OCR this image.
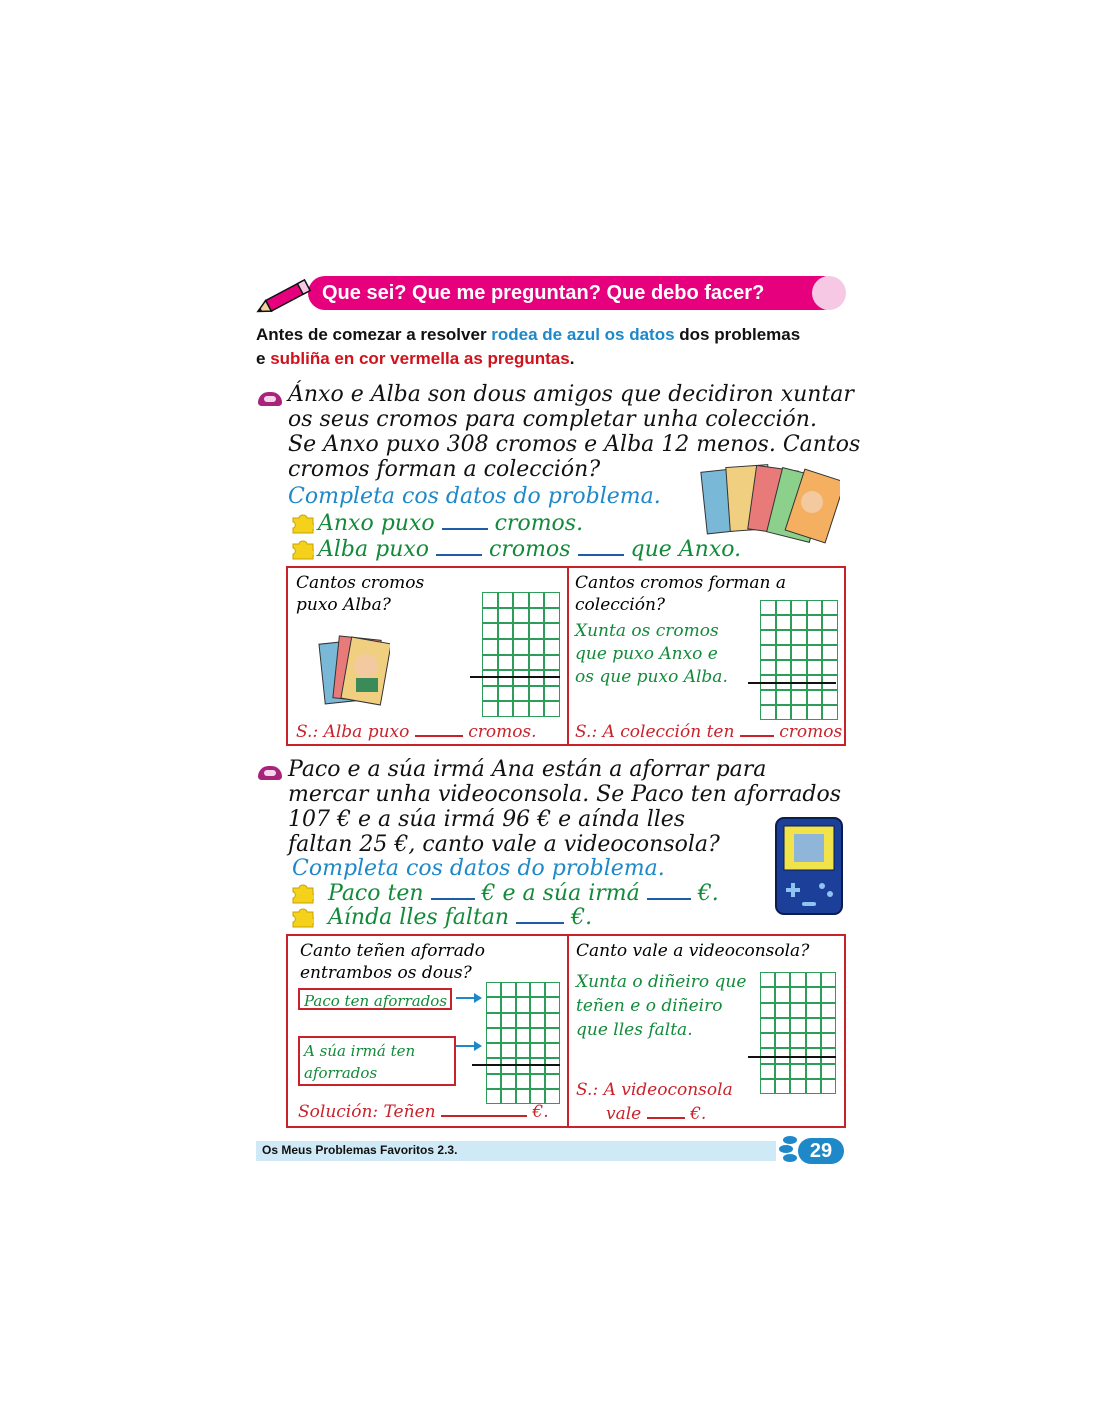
Que sei? Que me preguntan? Que debo facer?
Antes de comezar a resolver rodea de azul os datos dos problemas
e subliña en cor vermella as preguntas.
Ánxo e Alba son dous amigos que decidiron xuntar
os seus cromos para completar unha colección.
Se Anxo puxo 308 cromos e Alba 12 menos. Cantos
cromos forman a colección?
Completa cos datos do problema.
Anxo puxo	cromos.
Alba puxo	cromos	que Anxo.
Cantos cromos
puxo Alba?
S.: Alba puxo	cromos.
Cantos cromos forman a
colección?
Xunta os cromos
que puxo Anxo e
os que puxo Alba.
S.: A colección ten	cromos.
Paco e a súa irmá Ana están a aforrar para
mercar unha videoconsola. Se Paco ten aforrados
107 € e a súa irmá 96 € e aínda lles
faltan 25 €, canto vale a videoconsola?
Completa cos datos do problema.
Paco ten	€ e a súa irmá	€.
Aínda lles faltan	€.
Canto teñen aforrado
entrambos os dous?
Paco ten aforrados
A súa irmá ten
aforrados
Solución: Teñen	€.
Canto vale a videoconsola?
Xunta o diñeiro que
teñen e o diñeiro
que lles falta.
S.: A videoconsola
vale	€.
Os Meus Problemas Favoritos 2.3.	29
